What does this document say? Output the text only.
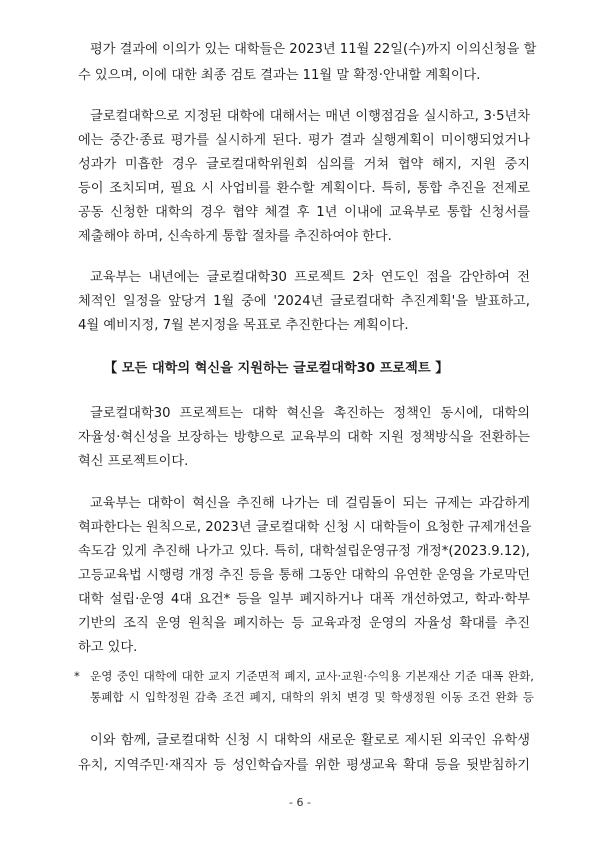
평가 결과에 이의가 있는 대학들은 2023년 11월 22일(수)까지 이의신청을 할
수 있으며, 이에 대한 최종 검토 결과는 11월 말 확정·안내할 계획이다.
글로컬대학으로 지정된 대학에 대해서는 매년 이행점검을 실시하고, 3·5년차
에는 중간·종료 평가를 실시하게 된다. 평가 결과 실행계획이 미이행되었거나
성과가 미흡한 경우 글로컬대학위원회 심의를 거쳐 협약 해지, 지원 중지
등이 조치되며, 필요 시 사업비를 환수할 계획이다. 특히, 통합 추진을 전제로
공동 신청한 대학의 경우 협약 체결 후 1년 이내에 교육부로 통합 신청서를
제출해야 하며, 신속하게 통합 절차를 추진하여야 한다.
교육부는 내년에는 글로컬대학30 프로젝트 2차 연도인 점을 감안하여 전
체적인 일정을 앞당겨 1월 중에 '2024년 글로컬대학 추진계획'을 발표하고,
4월 예비지정, 7월 본지정을 목표로 추진한다는 계획이다.
【 모든 대학의 혁신을 지원하는 글로컬대학30 프로젝트 】
글로컬대학30 프로젝트는 대학 혁신을 촉진하는 정책인 동시에, 대학의
자율성·혁신성을 보장하는 방향으로 교육부의 대학 지원 정책방식을 전환하는
혁신 프로젝트이다.
교육부는 대학이 혁신을 추진해 나가는 데 걸림돌이 되는 규제는 과감하게
혁파한다는 원칙으로, 2023년 글로컬대학 신청 시 대학들이 요청한 규제개선을
속도감 있게 추진해 나가고 있다. 특히, 대학설립운영규정 개정*(2023.9.12),
고등교육법 시행령 개정 추진 등을 통해 그동안 대학의 유연한 운영을 가로막던
대학 설립·운영 4대 요건* 등을 일부 폐지하거나 대폭 개선하였고, 학과·학부
기반의 조직 운영 원칙을 폐지하는 등 교육과정 운영의 자율성 확대를 추진
하고 있다.
* 운영 중인 대학에 대한 교지 기준면적 폐지, 교사·교원·수익용 기본재산 기준 대폭 완화,
통폐합 시 입학정원 감축 조건 폐지, 대학의 위치 변경 및 학생정원 이동 조건 완화 등
이와 함께, 글로컬대학 신청 시 대학의 새로운 활로로 제시된 외국인 유학생
유치, 지역주민·재직자 등 성인학습자를 위한 평생교육 확대 등을 뒷받침하기
- 6 -
